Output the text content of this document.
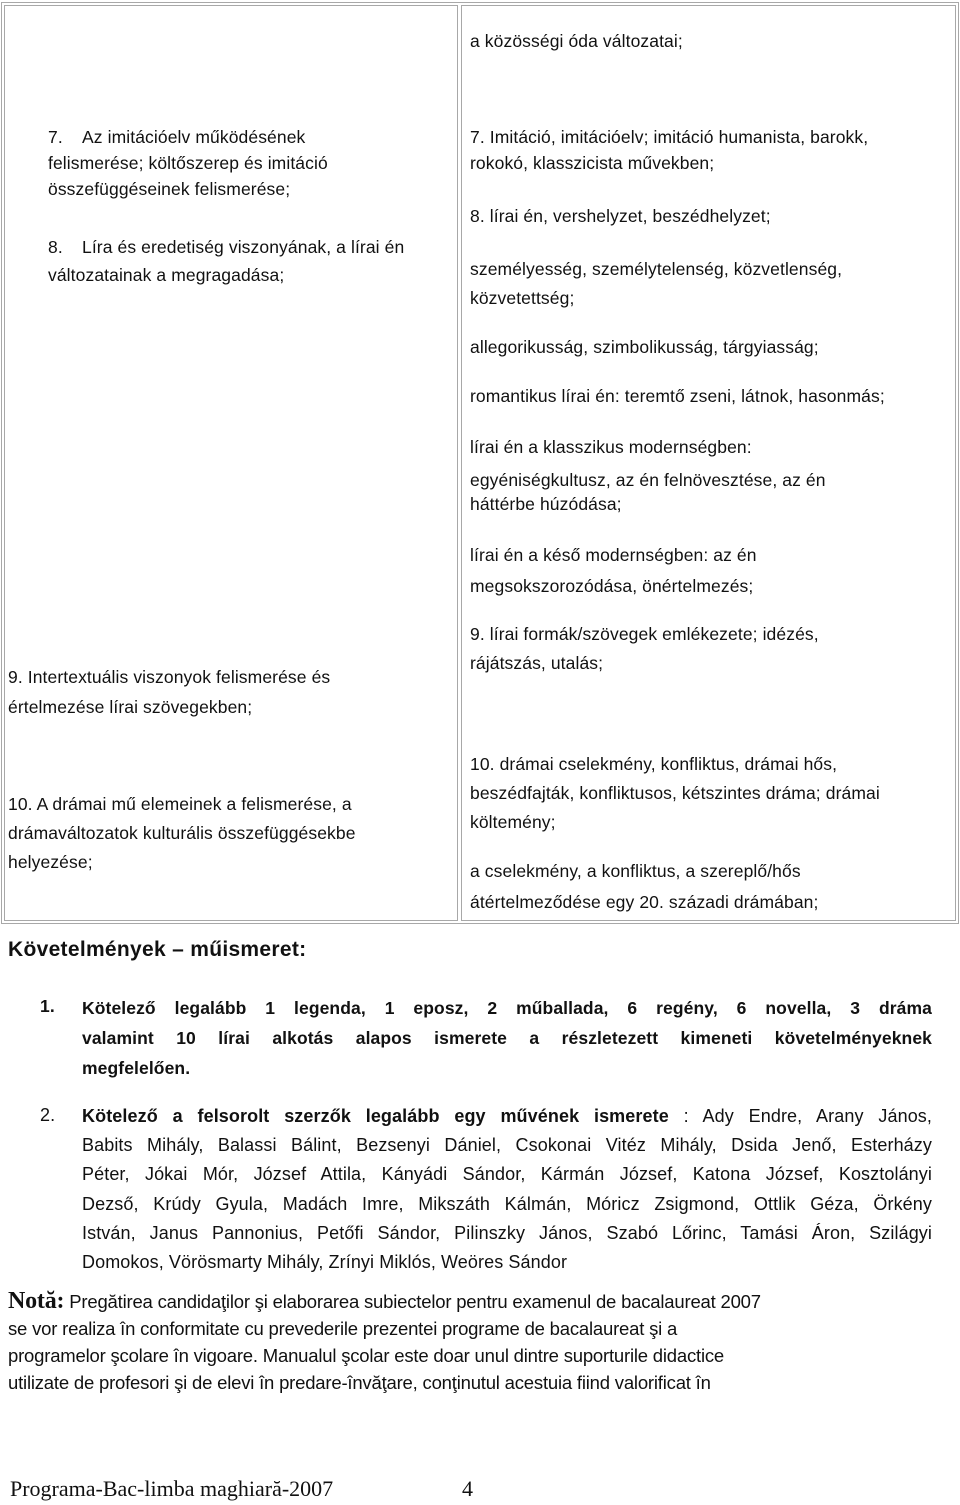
a közösségi óda változatai;
7. Az imitációelv működésének
felismerése; költőszerep és imitáció
összefüggéseinek felismerése;
8. Líra és eredetiség viszonyának, a lírai én
változatainak a megragadása;
9. Intertextuális viszonyok felismerése és
értelmezése lírai szövegekben;
10. A drámai mű elemeinek a felismerése, a
drámaváltozatok kulturális összefüggésekbe
helyezése;
7. Imitáció, imitációelv; imitáció humanista, barokk,
rokokó, klasszicista művekben;
8. lírai én, vershelyzet, beszédhelyzet;
személyesség, személytelenség, közvetlenség,
közvetettség;
allegorikusság, szimbolikusság, tárgyiasság;
romantikus lírai én: teremtő zseni, látnok, hasonmás;
lírai én a klasszikus modernségben:
egyéniségkultusz, az én felnövesztése, az én
háttérbe húzódása;
lírai én a késő modernségben: az én
megsokszorozódása, önértelmezés;
9. lírai formák/szövegek emlékezete; idézés,
rájátszás, utalás;
10. drámai cselekmény, konfliktus, drámai hős,
beszédfajták, konfliktusos, kétszintes dráma; drámai
költemény;
a cselekmény, a konfliktus, a szereplő/hős
átértelmeződése egy 20. századi drámában;
Követelmények – műismeret:
1. Kötelező legalább 1 legenda, 1 eposz, 2 műballada, 6 regény, 6 novella, 3 dráma
valamint 10 lírai alkotás alapos ismerete a részletezett kimeneti követelményeknek
megfelelően.
2. Kötelező a felsorolt szerzők legalább egy művének ismerete : Ady Endre, Arany János,
Babits Mihály, Balassi Bálint, Bezsenyi Dániel, Csokonai Vitéz Mihály, Dsida Jenő, Esterházy
Péter, Jókai Mór, József Attila, Kányádi Sándor, Kármán József, Katona József, Kosztolányi
Dezső, Krúdy Gyula, Madách Imre, Mikszáth Kálmán, Móricz Zsigmond, Ottlik Géza, Örkény
István, Janus Pannonius, Petőfi Sándor, Pilinszky János, Szabó Lőrinc, Tamási Áron, Szilágyi
Domokos, Vörösmarty Mihály, Zrínyi Miklós, Weöres Sándor
Notă: Pregătirea candidaţilor şi elaborarea subiectelor pentru examenul de bacalaureat 2007
se vor realiza în conformitate cu prevederile prezentei programe de bacalaureat şi a
programelor şcolare în vigoare. Manualul şcolar este doar unul dintre suporturile didactice
utilizate de profesori şi de elevi în predare-învăţare, conţinutul acestuia fiind valorificat în
Programa-Bac-limba maghiară-2007	4
